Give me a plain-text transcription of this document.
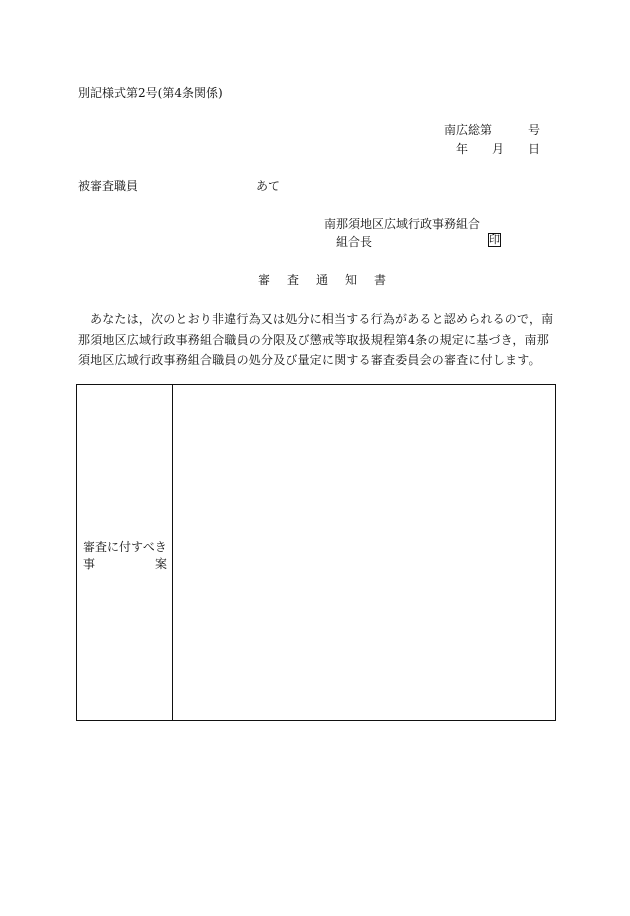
別記様式第2号(第4条関係)
南広総第	号
年 月 日
被審査職員	あて
南那須地区広域行政事務組合
組合長	印
審査通知書
あなたは，次のとおり非違行為又は処分に相当する行為があると認められるので，南那須地区広域行政事務組合職員の分限及び懲戒等取扱規程第4条の規定に基づき，南那須地区広域行政事務組合職員の処分及び量定に関する審査委員会の審査に付します。
審査に付すべき
事	案
